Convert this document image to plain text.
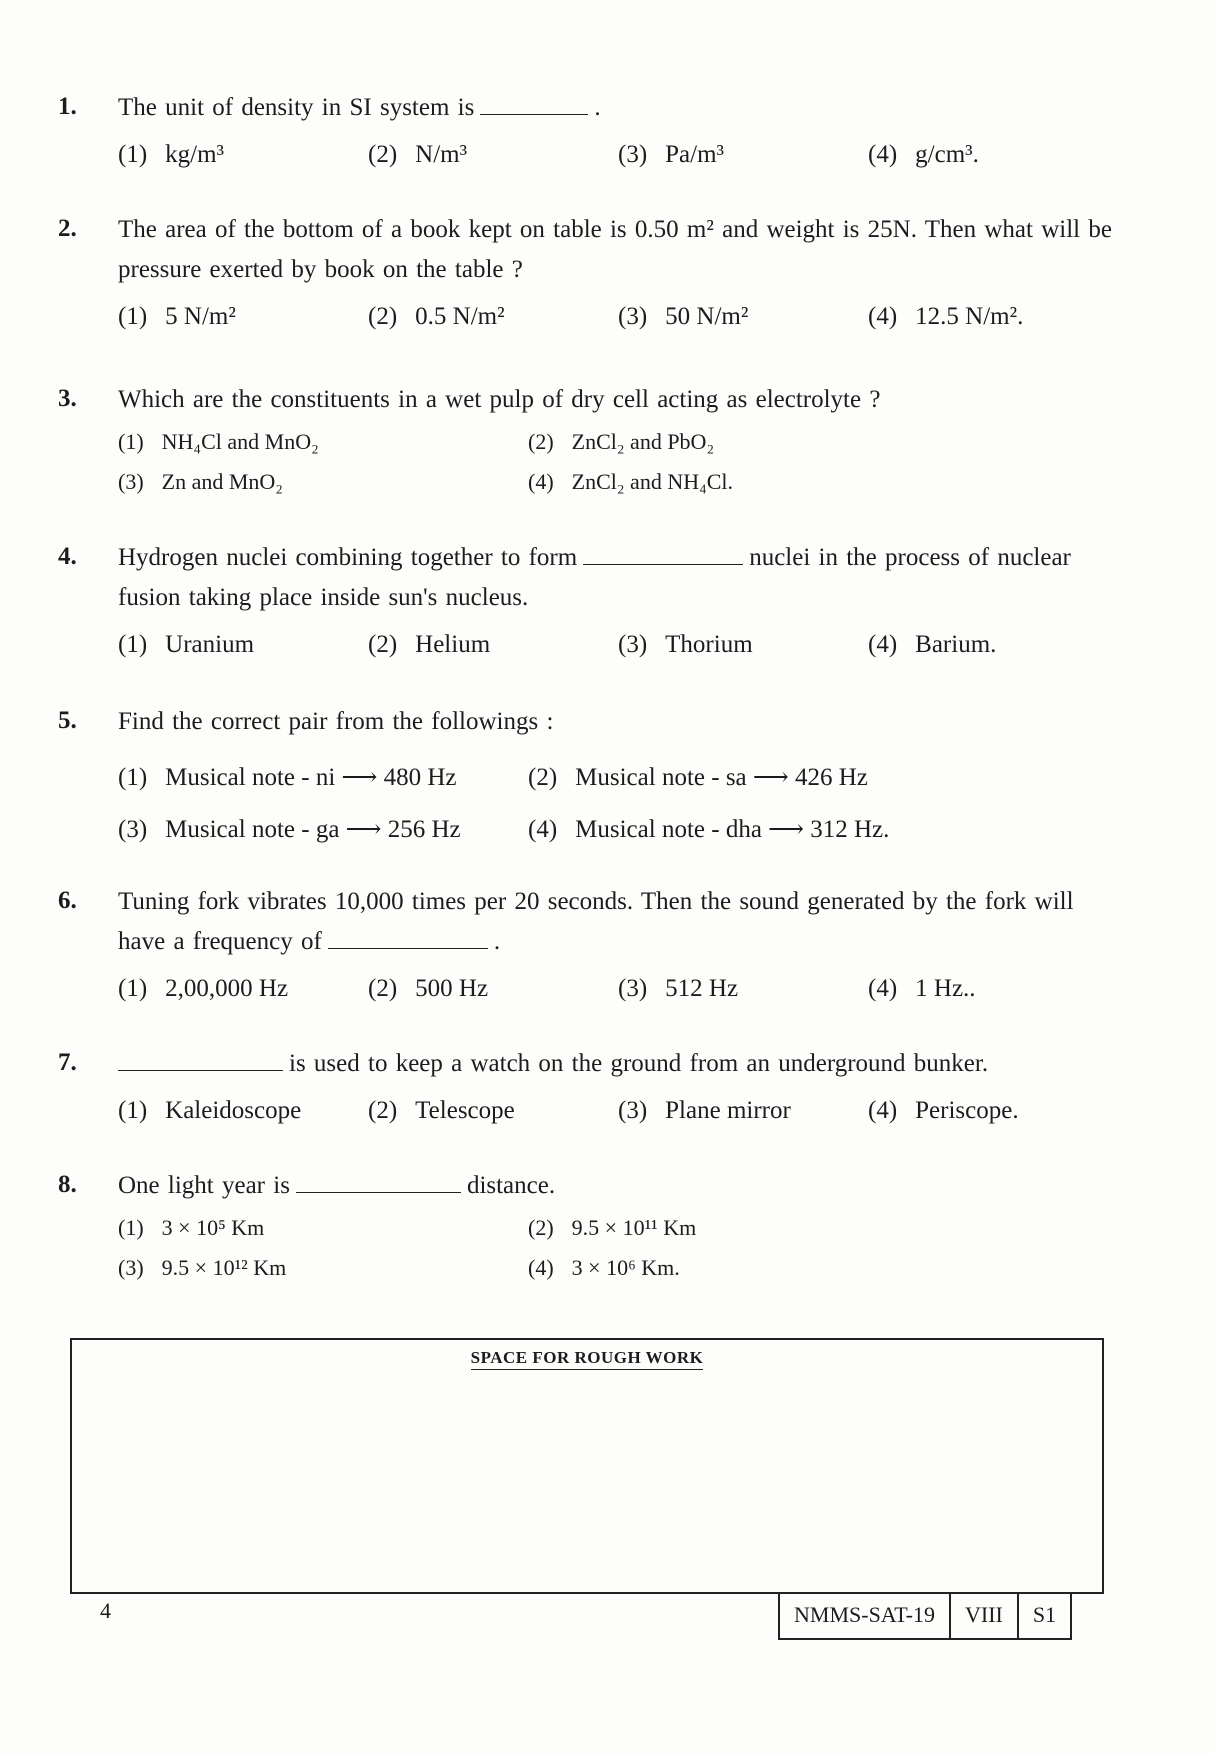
1. The unit of density in SI system is	.
(1) kg/m³	(2) N/m³	(3) Pa/m³	(4) g/cm³.
2. The area of the bottom of a book kept on table is 0.50 m² and weight is 25N. Then what will be pressure exerted by book on the table ?
(1) 5 N/m²	(2) 0.5 N/m²	(3) 50 N/m²	(4) 12.5 N/m².
3. Which are the constituents in a wet pulp of dry cell acting as electrolyte ?
(1) NH₄Cl and MnO₂	(2) ZnCl₂ and PbO₂
(3) Zn and MnO₂	(4) ZnCl₂ and NH₄Cl.
4. Hydrogen nuclei combining together to form	nuclei in the process of nuclear fusion taking place inside sun's nucleus.
(1) Uranium	(2) Helium	(3) Thorium	(4) Barium.
5. Find the correct pair from the followings :
(1) Musical note - ni ⟶ 480 Hz	(2) Musical note - sa ⟶ 426 Hz
(3) Musical note - ga ⟶ 256 Hz	(4) Musical note - dha ⟶ 312 Hz.
6. Tuning fork vibrates 10,000 times per 20 seconds. Then the sound generated by the fork will have a frequency of	.
(1) 2,00,000 Hz	(2) 500 Hz	(3) 512 Hz	(4) 1 Hz..
7.	is used to keep a watch on the ground from an underground bunker.
(1) Kaleidoscope	(2) Telescope	(3) Plane mirror	(4) Periscope.
8. One light year is	distance.
(1) 3 × 10⁵ Km	(2) 9.5 × 10¹¹ Km
(3) 9.5 × 10¹² Km	(4) 3 × 10⁶ Km.
SPACE FOR ROUGH WORK
4	NMMS-SAT-19	VIII	S1
